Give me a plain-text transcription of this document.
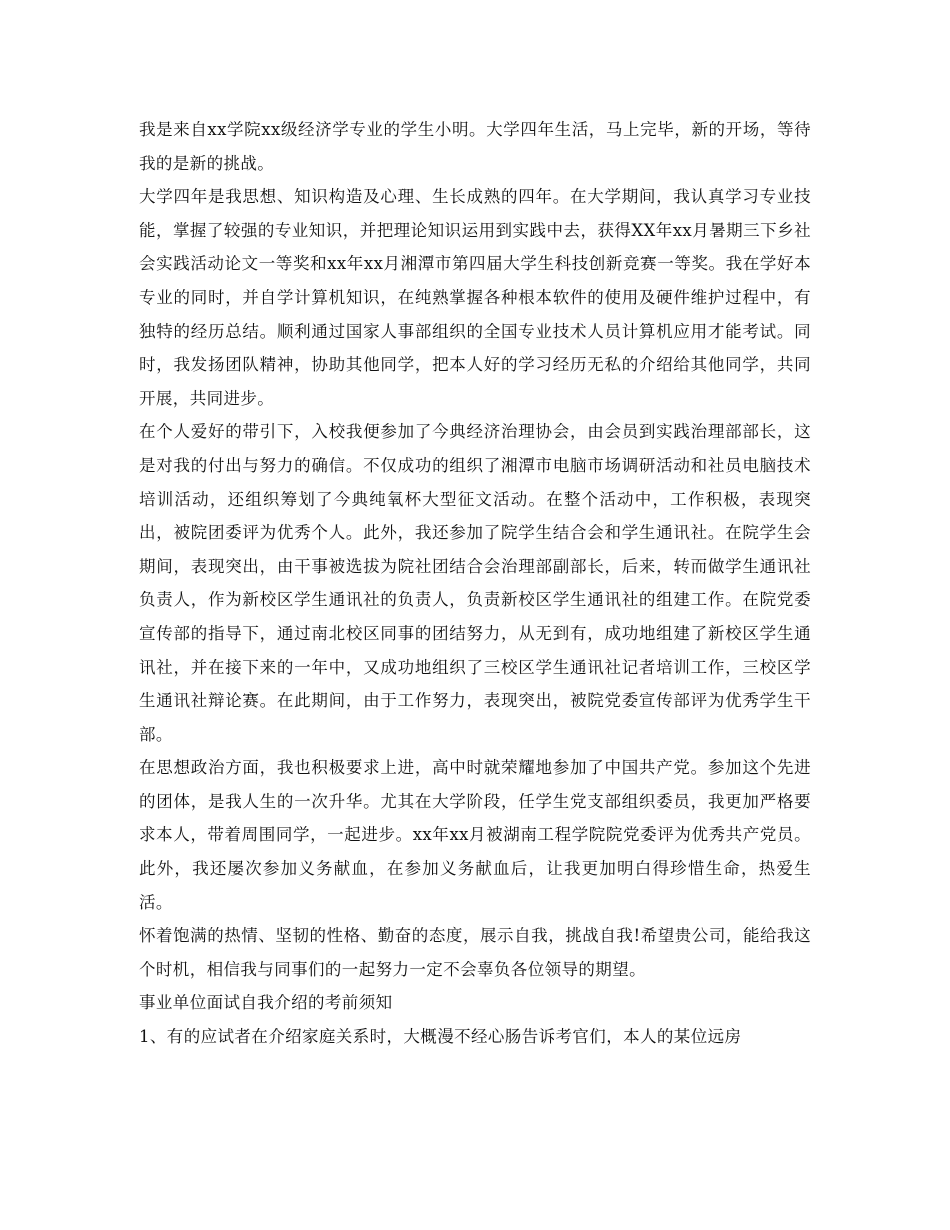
我是来自xx学院xx级经济学专业的学生小明。大学四年生活，马上完毕，新的开场，等待我的是新的挑战。

大学四年是我思想、知识构造及心理、生长成熟的四年。在大学期间，我认真学习专业技能，掌握了较强的专业知识，并把理论知识运用到实践中去，获得XX年xx月暑期三下乡社会实践活动论文一等奖和xx年xx月湘潭市第四届大学生科技创新竞赛一等奖。我在学好本专业的同时，并自学计算机知识，在纯熟掌握各种根本软件的使用及硬件维护过程中，有独特的经历总结。顺利通过国家人事部组织的全国专业技术人员计算机应用才能考试。同时，我发扬团队精神，协助其他同学，把本人好的学习经历无私的介绍给其他同学，共同开展，共同进步。

在个人爱好的带引下，入校我便参加了今典经济治理协会，由会员到实践治理部部长，这是对我的付出与努力的确信。不仅成功的组织了湘潭市电脑市场调研活动和社员电脑技术培训活动，还组织筹划了今典纯氧杯大型征文活动。在整个活动中，工作积极，表现突出，被院团委评为优秀个人。此外，我还参加了院学生结合会和学生通讯社。在院学生会期间，表现突出，由干事被选拔为院社团结合会治理部副部长，后来，转而做学生通讯社负责人，作为新校区学生通讯社的负责人，负责新校区学生通讯社的组建工作。在院党委宣传部的指导下，通过南北校区同事的团结努力，从无到有，成功地组建了新校区学生通讯社，并在接下来的一年中，又成功地组织了三校区学生通讯社记者培训工作，三校区学生通讯社辩论赛。在此期间，由于工作努力，表现突出，被院党委宣传部评为优秀学生干部。

在思想政治方面，我也积极要求上进，高中时就荣耀地参加了中国共产党。参加这个先进的团体，是我人生的一次升华。尤其在大学阶段，任学生党支部组织委员，我更加严格要求本人，带着周围同学，一起进步。xx年xx月被湖南工程学院院党委评为优秀共产党员。此外，我还屡次参加义务献血，在参加义务献血后，让我更加明白得珍惜生命，热爱生活。

怀着饱满的热情、坚韧的性格、勤奋的态度，展示自我，挑战自我!希望贵公司，能给我这个时机，相信我与同事们的一起努力一定不会辜负各位领导的期望。

事业单位面试自我介绍的考前须知

1、有的应试者在介绍家庭关系时，大概漫不经心肠告诉考官们，本人的某位远房
